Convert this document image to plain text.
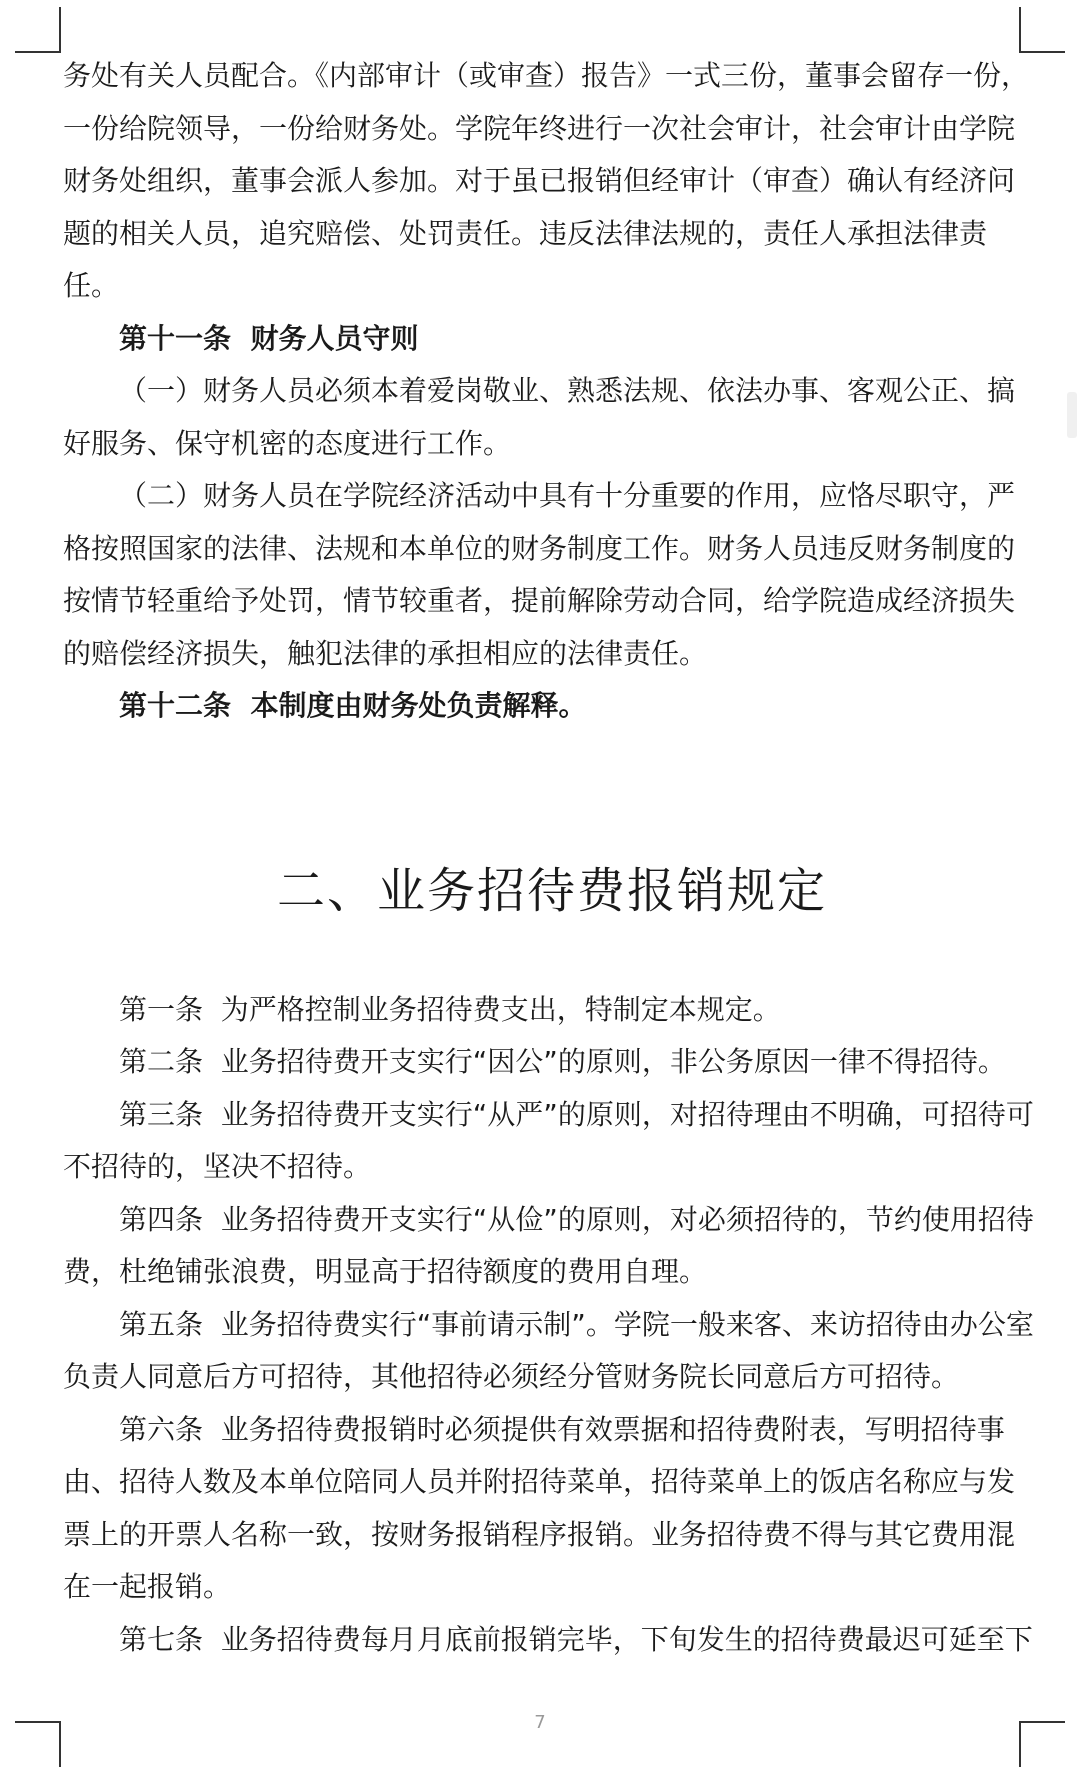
务处有关人员配合。《内部审计（或审查）报告》一式三份，董事会留存一份，一份给院领导，一份给财务处。学院年终进行一次社会审计，社会审计由学院财务处组织，董事会派人参加。对于虽已报销但经审计（审查）确认有经济问题的相关人员，追究赔偿、处罚责任。违反法律法规的，责任人承担法律责任。

第十一条  财务人员守则

（一）财务人员必须本着爱岗敬业、熟悉法规、依法办事、客观公正、搞好服务、保守机密的态度进行工作。

（二）财务人员在学院经济活动中具有十分重要的作用，应恪尽职守，严格按照国家的法律、法规和本单位的财务制度工作。财务人员违反财务制度的按情节轻重给予处罚，情节较重者，提前解除劳动合同，给学院造成经济损失的赔偿经济损失，触犯法律的承担相应的法律责任。

第十二条  本制度由财务处负责解释。

二、业务招待费报销规定

第一条  为严格控制业务招待费支出，特制定本规定。

第二条  业务招待费开支实行“因公”的原则，非公务原因一律不得招待。

第三条  业务招待费开支实行“从严”的原则，对招待理由不明确，可招待可不招待的，坚决不招待。

第四条  业务招待费开支实行“从俭”的原则，对必须招待的，节约使用招待费，杜绝铺张浪费，明显高于招待额度的费用自理。

第五条  业务招待费实行“事前请示制”。学院一般来客、来访招待由办公室负责人同意后方可招待，其他招待必须经分管财务院长同意后方可招待。

第六条  业务招待费报销时必须提供有效票据和招待费附表，写明招待事由、招待人数及本单位陪同人员并附招待菜单，招待菜单上的饭店名称应与发票上的开票人名称一致，按财务报销程序报销。业务招待费不得与其它费用混在一起报销。

第七条  业务招待费每月月底前报销完毕，下旬发生的招待费最迟可延至下

7
